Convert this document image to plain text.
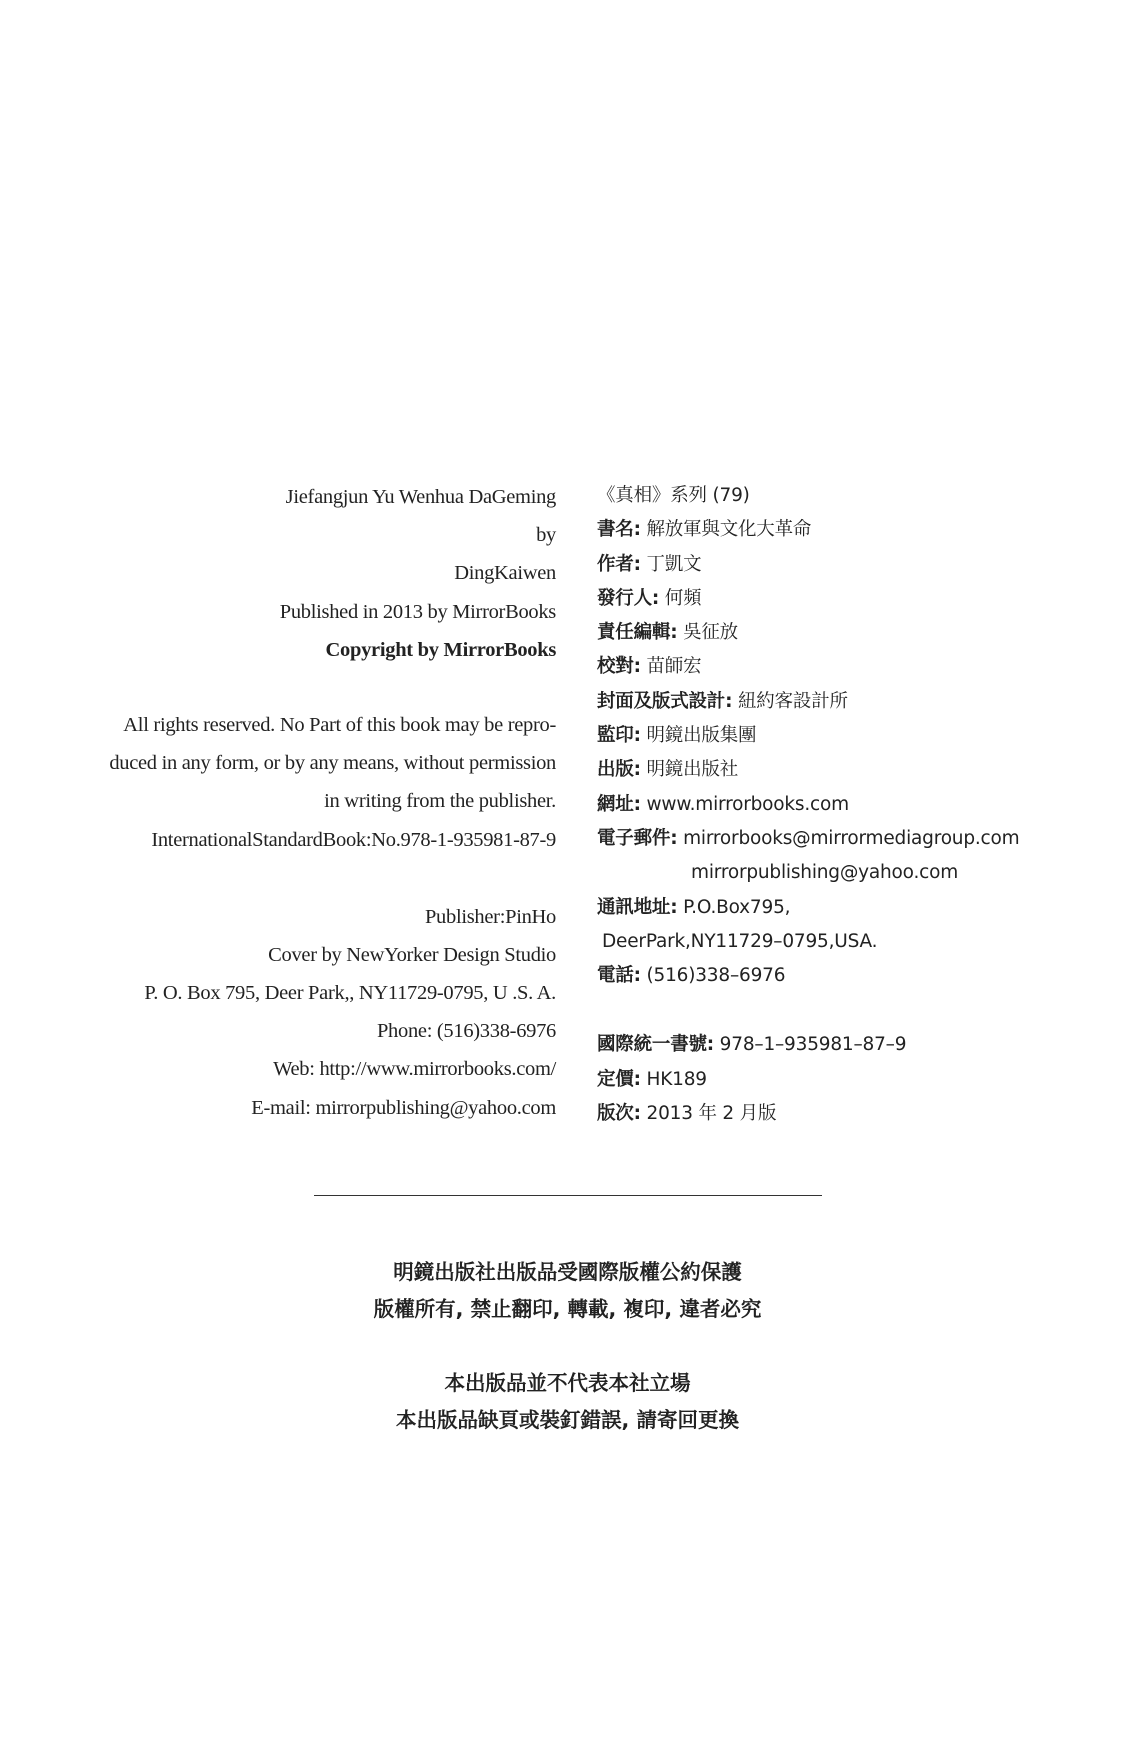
Jiefangjun Yu Wenhua DaGeming
by
DingKaiwen
Published in 2013 by MirrorBooks
Copyright by MirrorBooks
All rights reserved. No Part of this book may be repro-
duced in any form, or by any means, without permission
in writing from the publisher.
InternationalStandardBook:No.978-1-935981-87-9
Publisher:PinHo
Cover by NewYorker Design Studio
P. O. Box 795, Deer Park,, NY11729-0795, U .S. A.
Phone: (516)338-6976
Web: http://www.mirrorbooks.com/
E-mail: mirrorpublishing@yahoo.com
《真相》系列 (79)
書名: 解放軍與文化大革命
作者: 丁凱文
發行人: 何頻
責任編輯: 吳征放
校對: 苗師宏
封面及版式設計: 紐約客設計所
監印: 明鏡出版集團
出版: 明鏡出版社
網址: www.mirrorbooks.com
電子郵件: mirrorbooks@mirrormediagroup.com
mirrorpublishing@yahoo.com
通訊地址: P.O.Box795,
DeerPark,NY11729–0795,USA.
電話: (516)338–6976
國際統一書號: 978–1–935981–87–9
定價: HK189
版次: 2013 年 2 月版
明鏡出版社出版品受國際版權公約保護
版權所有, 禁止翻印, 轉載, 複印, 違者必究
本出版品並不代表本社立場
本出版品缺頁或裝釘錯誤, 請寄回更換
